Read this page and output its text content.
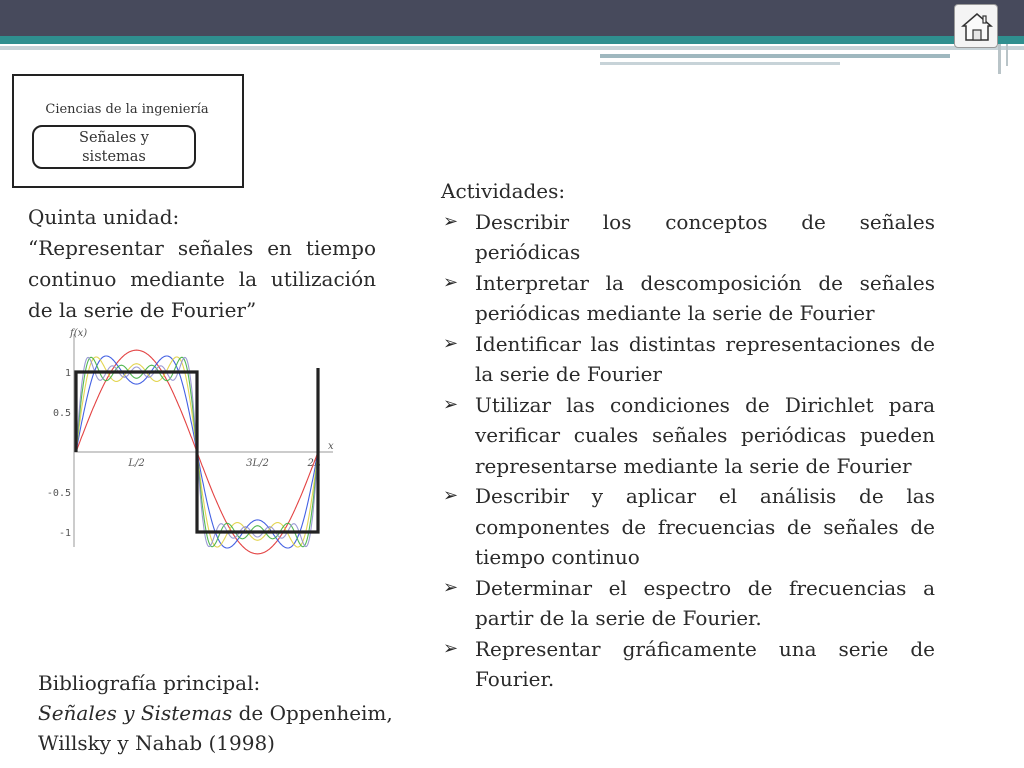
Ciencias de la ingeniería
Señales y
sistemas

Quinta unidad:

“Representar señales en tiempo continuo mediante la utilización de la serie de Fourier”

1
0.5
-0.5
-1
L/2	3L/2	2L
x
f(x)

Actividades:

➢ Describir los conceptos de señales periódicas
➢ Interpretar la descomposición de señales periódicas mediante la serie de Fourier
➢ Identificar las distintas representaciones de la serie de Fourier
➢ Utilizar las condiciones de Dirichlet para verificar cuales señales periódicas pueden representarse mediante la serie de Fourier
➢ Describir y aplicar el análisis de las componentes de frecuencias de señales de tiempo continuo
➢ Determinar el espectro de frecuencias a partir de la serie de Fourier.
➢ Representar gráficamente una serie de Fourier.

Bibliografía principal:

Señales y Sistemas de Oppenheim,

Willsky y Nahab (1998)
